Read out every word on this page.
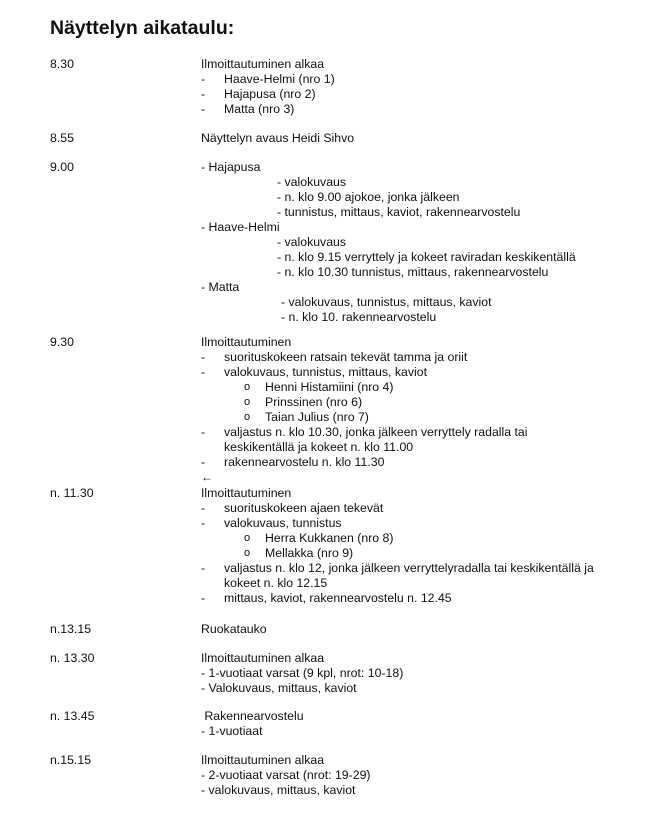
Näyttelyn aikataulu:
8.30	Ilmoittautuminen alkaa
- Haave-Helmi (nro 1)
- Hajapusa (nro 2)
- Matta (nro 3)
8.55	Näyttelyn avaus Heidi Sihvo
9.00	- Hajapusa
- valokuvaus
- n. klo 9.00 ajokoe, jonka jälkeen
- tunnistus, mittaus, kaviot, rakennearvostelu
- Haave-Helmi
- valokuvaus
- n. klo 9.15 verryttely ja kokeet raviradan keskikentällä
- n. klo 10.30 tunnistus, mittaus, rakennearvostelu
- Matta
- valokuvaus, tunnistus, mittaus, kaviot
- n. klo 10. rakennearvostelu
9.30	Ilmoittautuminen
- suorituskokeen ratsain tekevät tamma ja oriit
- valokuvaus, tunnistus, mittaus, kaviot
o Henni Histamiini (nro 4)
o Prinssinen (nro 6)
o Taian Julius (nro 7)
- valjastus n. klo 10.30, jonka jälkeen verryttely radalla tai
keskikentällä ja kokeet n. klo 11.00
- rakennearvostelu n. klo 11.30
←
n. 11.30	Ilmoittautuminen
- suorituskokeen ajaen tekevät
- valokuvaus, tunnistus
o Herra Kukkanen (nro 8)
o Mellakka (nro 9)
- valjastus n. klo 12, jonka jälkeen verryttelyradalla tai keskikentällä ja
kokeet n. klo 12.15
- mittaus, kaviot, rakennearvostelu n. 12.45
n.13.15	Ruokatauko
n. 13.30	Ilmoittautuminen alkaa
- 1-vuotiaat varsat (9 kpl, nrot: 10-18)
- Valokuvaus, mittaus, kaviot
n. 13.45	Rakennearvostelu
- 1-vuotiaat
n.15.15	Ilmoittautuminen alkaa
- 2-vuotiaat varsat (nrot: 19-29)
- valokuvaus, mittaus, kaviot
